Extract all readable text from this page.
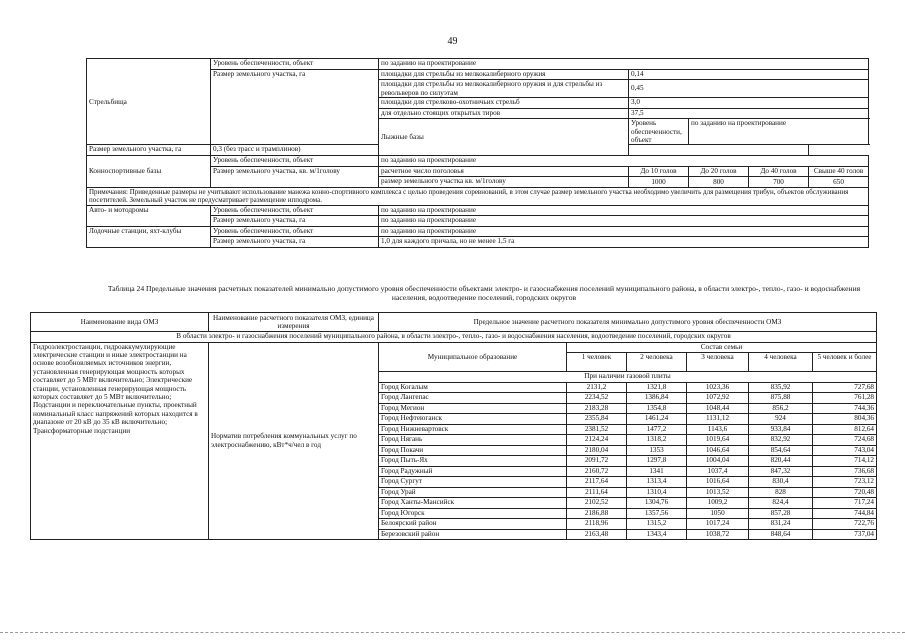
49
Стрельбища	Уровень обеспеченности, объект	по заданию на проектирование				
	Размер земельного участка, га	площадки для стрельбы из мелкокалиберного оружия	0,14			
		площадки для стрельбы из мелкокалиберного оружия и для стрельбы из револьверов по силуэтам	0,45			
		площадки для стрелково-охотничьих стрельб	3,0			
		для отдельно стоящих открытых тиров	37,5			
		Лыжные базы	Уровень обеспеченности, объект	по заданию на проектирование		
Размер земельного участка, га	0,3 (без трасс и трамплинов)					
Конноспортивные базы	Уровень обеспеченности, объект	по заданию на проектирование				
	Размер земельного участка, кв. м/1голову	расчетное число поголовья	До 10 голов	До 20 голов	До 40 голов	Свыше 40 голов
		размер земельного участка кв. м/1голову	1000	800	700	650
Примечания: Приведенные размеры не учитывают использование манежа конно-спортивного комплекса с целью проведения соревнований, в этом случае размер земельного участка необходимо увеличить для размещения трибун, объектов обслуживания посетителей. Земельный участок не предусматривает размещение ипподрома.						
Авто- и мотодромы	Уровень обеспеченности, объект	по заданию на проектирование				
	Размер земельного участка, га	по заданию на проектирование				
Лодочные станции, яхт-клубы	Уровень обеспеченности, объект	по заданию на проектирование				
	Размер земельного участка, га	1,0 для каждого причала, но не менее 1,5 га				
Таблица 24 Предельные значения расчетных показателей минимально допустимого уровня обеспеченности объектами электро- и газоснабжения поселений муниципального района, в области электро-, тепло-, газо- и водоснабжения населения, водоотведение поселений, городских округов
Наименование вида ОМЗ	Наименование расчетного показателя ОМЗ, единица измерения	Предельное значение расчетного показателя минимально допустимого уровня обеспеченности ОМЗ					
В области электро- и газоснабжения поселений муниципального района, в области электро-, тепло-, газо- и водоснабжения населения, водоотведение поселений, городских округов							
Гидроэлектростанции, гидроаккумулирующие электрические станции и иные электростанции на основе возобновляемых источников энергии, установленная генерирующая мощность которых составляет до 5 МВт включительно; Электрические станции, установленная генерирующая мощность которых составляет до 5 МВт включительно; Подстанции и переключательные пункты, проектный номинальный класс напряжений которых находится в диапазоне от 20 кВ до 35 кВ включительно; Трансформаторные подстанции	Норматив потребления коммунальных услуг по электроснабжению, кВт*ч/чел в год	Муниципальное образование	Состав семьи				
			1 человек	2 человека	3 человека	4 человека	5 человек и более
		При наличии газовой плиты					
		Город Когалым	2131,2	1321,8	1023,36	835,92	727,68
		Город Лангепас	2234,52	1386,84	1072,92	875,88	761,28
		Город Мегион	2183,28	1354,8	1048,44	856,2	744,36
		Город Нефтеюганск	2355,84	1461,24	1131,12	924	804,36
		Город Нижневартовск	2381,52	1477,2	1143,6	933,84	812,64
		Город Нягань	2124,24	1318,2	1019,64	832,92	724,68
		Город Покачи	2180,04	1353	1046,64	854,64	743,04
		Город Пыть-Ях	2091,72	1297,8	1004,04	820,44	714,12
		Город Радужный	2160,72	1341	1037,4	847,32	736,68
		Город Сургут	2117,64	1313,4	1016,64	830,4	723,12
		Город Урай	2111,64	1310,4	1013,52	828	720,48
		Город Ханты-Мансийск	2102,52	1304,76	1009,2	824,4	717,24
		Город Югорск	2186,88	1357,56	1050	857,28	744,84
		Белоярский район	2118,96	1315,2	1017,24	831,24	722,76
		Березовский район	2163,48	1343,4	1038,72	848,64	737,04
